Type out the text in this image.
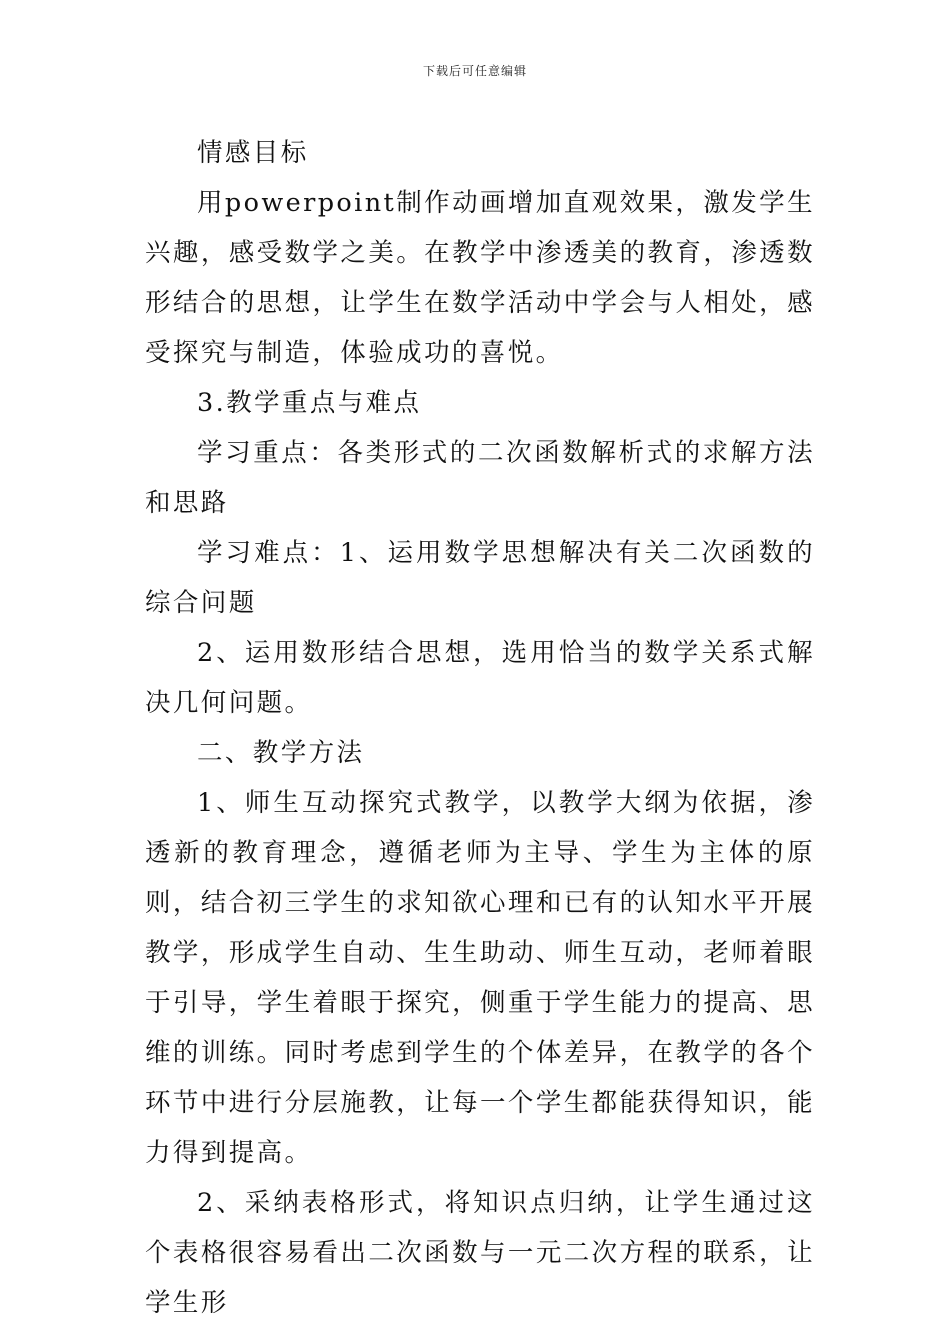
下载后可任意编辑

情感目标

用powerpoint制作动画增加直观效果，激发学生兴趣，感受数学之美。在教学中渗透美的教育，渗透数形结合的思想，让学生在数学活动中学会与人相处，感受探究与制造，体验成功的喜悦。

3.教学重点与难点

学习重点：各类形式的二次函数解析式的求解方法和思路

学习难点：1、运用数学思想解决有关二次函数的综合问题

2、运用数形结合思想，选用恰当的数学关系式解决几何问题。

二、教学方法

1、师生互动探究式教学，以教学大纲为依据，渗透新的教育理念，遵循老师为主导、学生为主体的原则，结合初三学生的求知欲心理和已有的认知水平开展教学，形成学生自动、生生助动、师生互动，老师着眼于引导，学生着眼于探究，侧重于学生能力的提高、思维的训练。同时考虑到学生的个体差异，在教学的各个环节中进行分层施教，让每一个学生都能获得知识，能力得到提高。

2、采纳表格形式，将知识点归纳，让学生通过这个表格很容易看出二次函数与一元二次方程的联系，让学生形
